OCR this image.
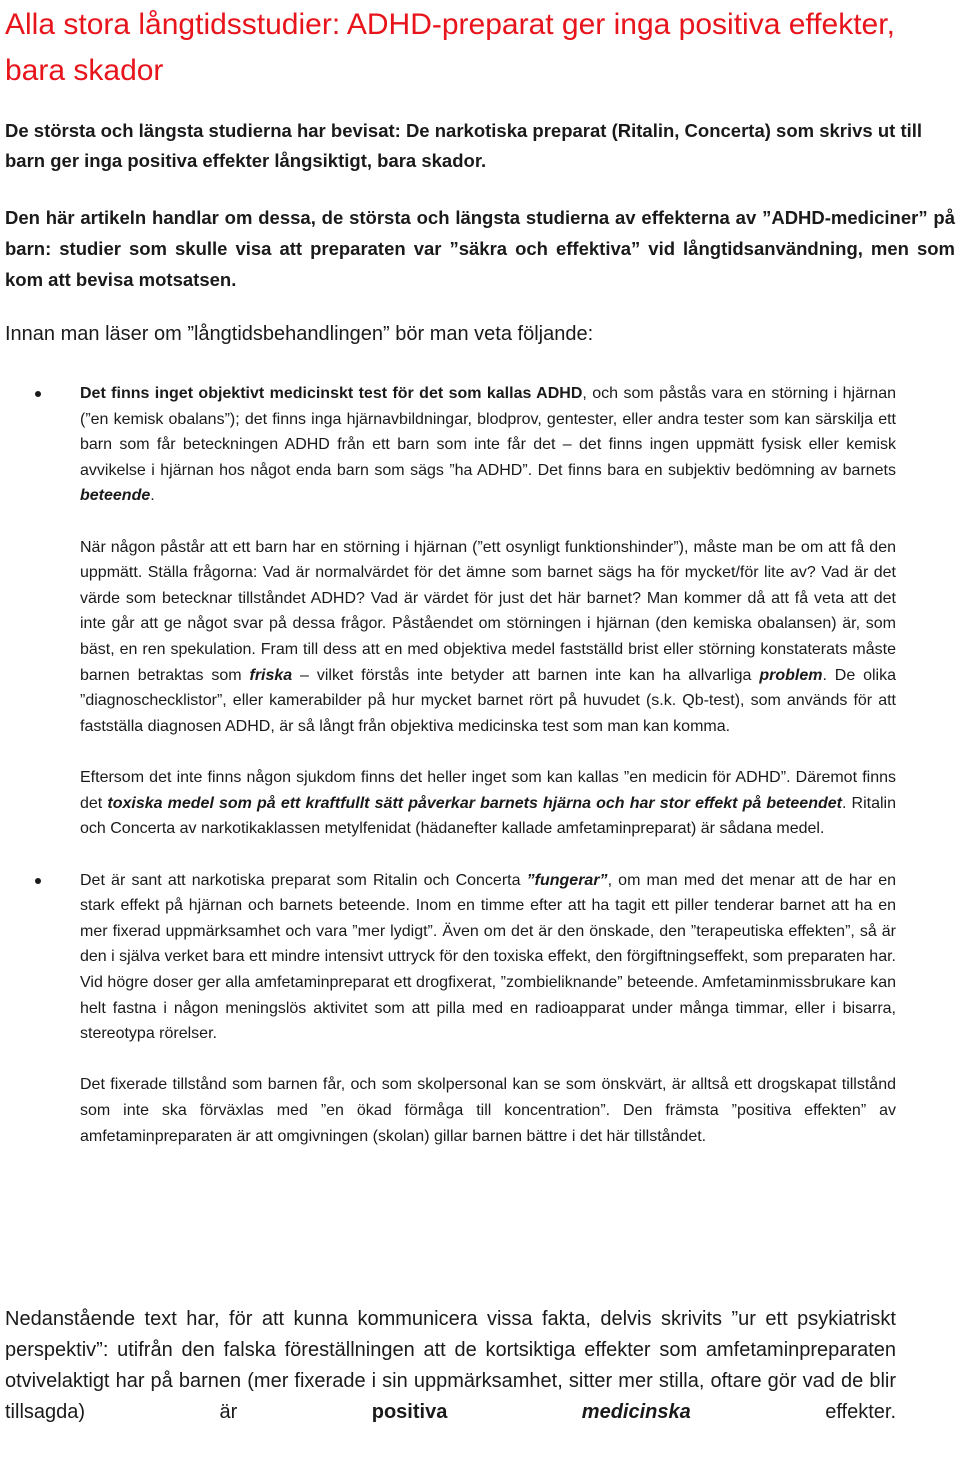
Alla stora långtidsstudier: ADHD-preparat ger inga positiva effekter, bara skador

De största och längsta studierna har bevisat: De narkotiska preparat (Ritalin, Concerta) som skrivs ut till barn ger inga positiva effekter långsiktigt, bara skador.

Den här artikeln handlar om dessa, de största och längsta studierna av effekterna av ”ADHD-mediciner” på barn: studier som skulle visa att preparaten var ”säkra och effektiva” vid långtidsanvändning, men som kom att bevisa motsatsen.

Innan man läser om ”långtidsbehandlingen” bör man veta följande:

Det finns inget objektivt medicinskt test för det som kallas ADHD, och som påstås vara en störning i hjärnan (”en kemisk obalans”); det finns inga hjärnavbildningar, blodprov, gentester, eller andra tester som kan särskilja ett barn som får beteckningen ADHD från ett barn som inte får det – det finns ingen uppmätt fysisk eller kemisk avvikelse i hjärnan hos något enda barn som sägs ”ha ADHD”. Det finns bara en subjektiv bedömning av barnets beteende.

När någon påstår att ett barn har en störning i hjärnan (”ett osynligt funktionshinder”), måste man be om att få den uppmätt. Ställa frågorna: Vad är normalvärdet för det ämne som barnet sägs ha för mycket/för lite av? Vad är det värde som betecknar tillståndet ADHD? Vad är värdet för just det här barnet? Man kommer då att få veta att det inte går att ge något svar på dessa frågor. Påståendet om störningen i hjärnan (den kemiska obalansen) är, som bäst, en ren spekulation. Fram till dess att en med objektiva medel fastställd brist eller störning konstaterats måste barnen betraktas som friska – vilket förstås inte betyder att barnen inte kan ha allvarliga problem. De olika ”diagnoschecklistor”, eller kamerabilder på hur mycket barnet rört på huvudet (s.k. Qb-test), som används för att fastställa diagnosen ADHD, är så långt från objektiva medicinska test som man kan komma.

Eftersom det inte finns någon sjukdom finns det heller inget som kan kallas ”en medicin för ADHD”. Däremot finns det toxiska medel som på ett kraftfullt sätt påverkar barnets hjärna och har stor effekt på beteendet. Ritalin och Concerta av narkotikaklassen metylfenidat (hädanefter kallade amfetaminpreparat) är sådana medel.

Det är sant att narkotiska preparat som Ritalin och Concerta ”fungerar”, om man med det menar att de har en stark effekt på hjärnan och barnets beteende. Inom en timme efter att ha tagit ett piller tenderar barnet att ha en mer fixerad uppmärksamhet och vara ”mer lydigt”. Även om det är den önskade, den ”terapeutiska effekten”, så är den i själva verket bara ett mindre intensivt uttryck för den toxiska effekt, den förgiftningseffekt, som preparaten har. Vid högre doser ger alla amfetaminpreparat ett drogfixerat, ”zombieliknande” beteende. Amfetaminmissbrukare kan helt fastna i någon meningslös aktivitet som att pilla med en radioapparat under många timmar, eller i bisarra, stereotypa rörelser.

Det fixerade tillstånd som barnen får, och som skolpersonal kan se som önskvärt, är alltså ett drogskapat tillstånd som inte ska förväxlas med ”en ökad förmåga till koncentration”. Den främsta ”positiva effekten” av amfetaminpreparaten är att omgivningen (skolan) gillar barnen bättre i det här tillståndet.

Nedanstående text har, för att kunna kommunicera vissa fakta, delvis skrivits ”ur ett psykiatriskt perspektiv”: utifrån den falska föreställningen att de kortsiktiga effekter som amfetaminpreparaten otvivelaktigt har på barnen (mer fixerade i sin uppmärksamhet, sitter mer stilla, oftare gör vad de blir tillsagda) är positiva	medicinska effekter.
